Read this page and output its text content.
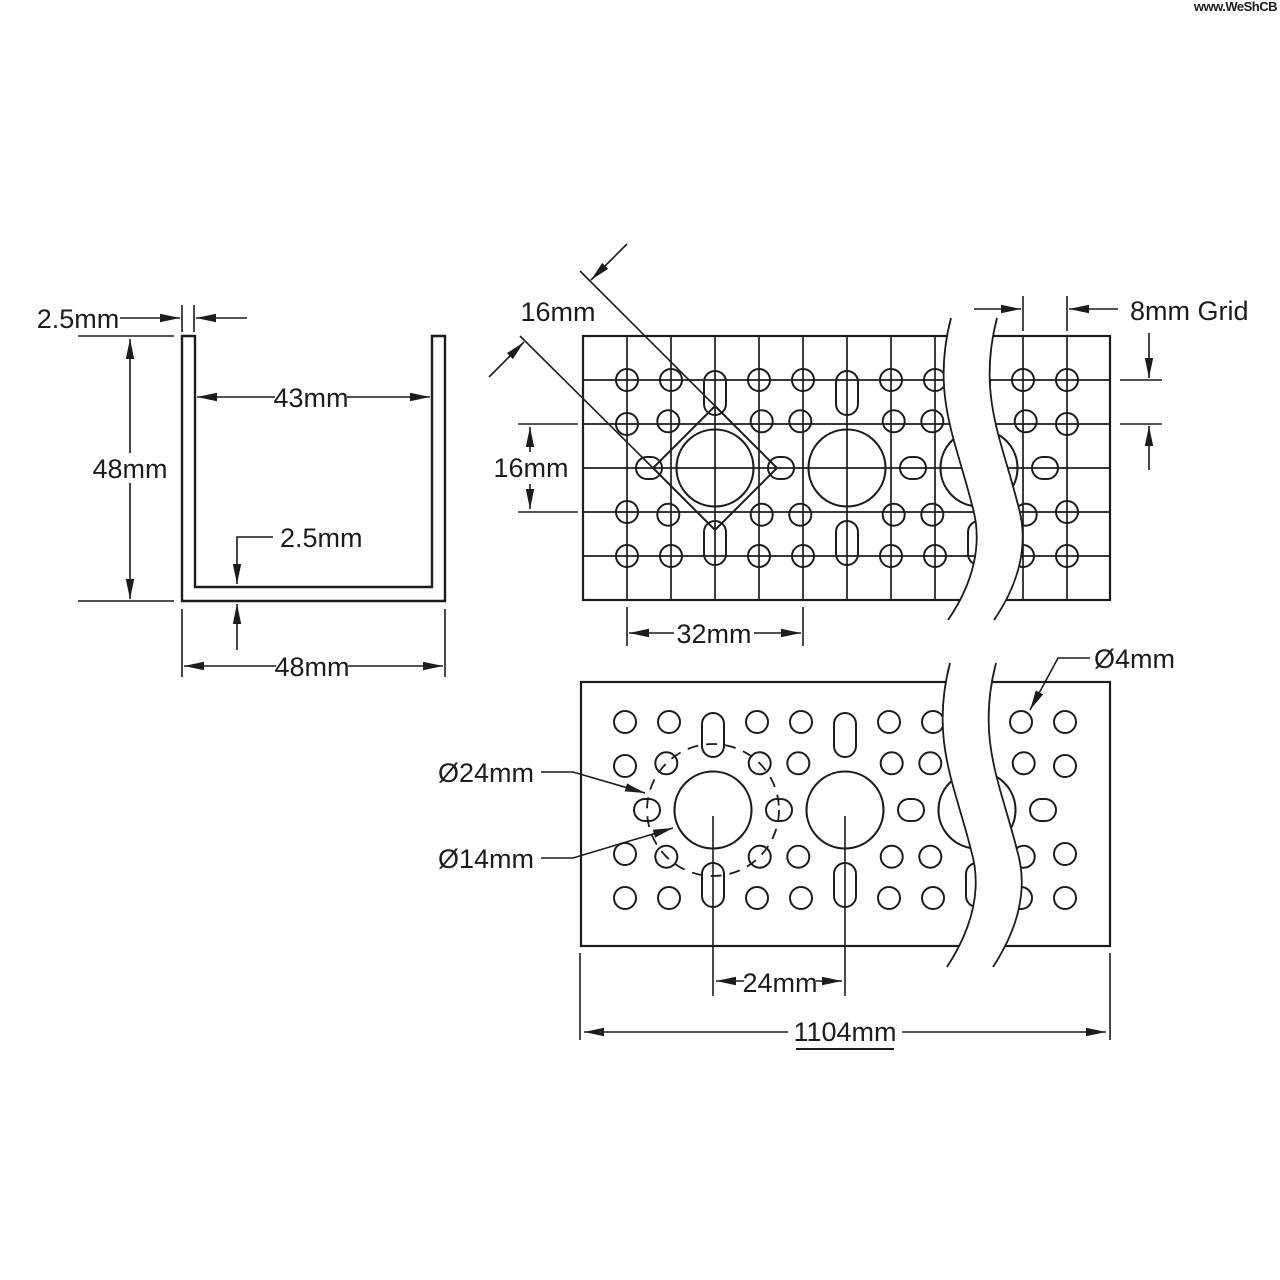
2.5mm
43mm
48mm
2.5mm
48mm
16mm
16mm
32mm
8mm Grid
Ø24mm
Ø14mm
Ø4mm
24mm
1104mm
www.WeShCB
